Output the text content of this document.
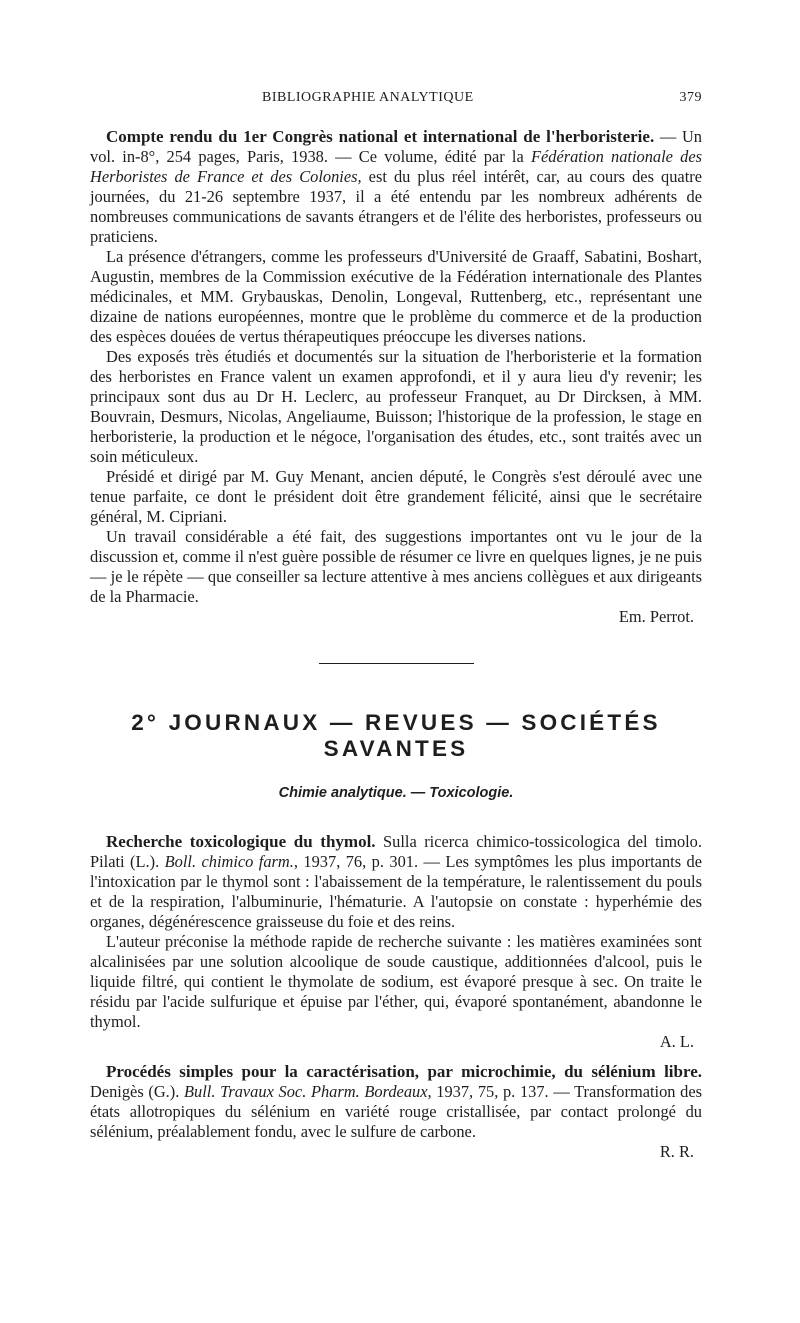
BIBLIOGRAPHIE ANALYTIQUE	379

Compte rendu du 1er Congrès national et international de l'herboristerie. — Un vol. in-8°, 254 pages, Paris, 1938. — Ce volume, édité par la Fédération nationale des Herboristes de France et des Colonies, est du plus réel intérêt, car, au cours des quatre journées, du 21-26 septembre 1937, il a été entendu par les nombreux adhérents de nombreuses communications de savants étrangers et de l'élite des herboristes, professeurs ou praticiens.

La présence d'étrangers, comme les professeurs d'Université de Graaff, Sabatini, Boshart, Augustin, membres de la Commission exécutive de la Fédération internationale des Plantes médicinales, et MM. Grybauskas, Denolin, Longeval, Ruttenberg, etc., représentant une dizaine de nations européennes, montre que le problème du commerce et de la production des espèces douées de vertus thérapeutiques préoccupe les diverses nations.

Des exposés très étudiés et documentés sur la situation de l'herboristerie et la formation des herboristes en France valent un examen approfondi, et il y aura lieu d'y revenir; les principaux sont dus au Dr H. Leclerc, au professeur Franquet, au Dr Dircksen, à MM. Bouvrain, Desmurs, Nicolas, Angeliaume, Buisson; l'historique de la profession, le stage en herboristerie, la production et le négoce, l'organisation des études, etc., sont traités avec un soin méticuleux.

Présidé et dirigé par M. Guy Menant, ancien député, le Congrès s'est déroulé avec une tenue parfaite, ce dont le président doit être grandement félicité, ainsi que le secrétaire général, M. Cipriani.

Un travail considérable a été fait, des suggestions importantes ont vu le jour de la discussion et, comme il n'est guère possible de résumer ce livre en quelques lignes, je ne puis — je le répète — que conseiller sa lecture attentive à mes anciens collègues et aux dirigeants de la Pharmacie.

Em. Perrot.

2° JOURNAUX — REVUES — SOCIÉTÉS SAVANTES
Chimie analytique. — Toxicologie.

Recherche toxicologique du thymol. Sulla ricerca chimico-tossicologica del timolo. Pilati (L.). Boll. chimico farm., 1937, 76, p. 301. — Les symptômes les plus importants de l'intoxication par le thymol sont : l'abaissement de la température, le ralentissement du pouls et de la respiration, l'albuminurie, l'hématurie. A l'autopsie on constate : hyperhémie des organes, dégénérescence graisseuse du foie et des reins.

L'auteur préconise la méthode rapide de recherche suivante : les matières examinées sont alcalinisées par une solution alcoolique de soude caustique, additionnées d'alcool, puis le liquide filtré, qui contient le thymolate de sodium, est évaporé presque à sec. On traite le résidu par l'acide sulfurique et épuise par l'éther, qui, évaporé spontanément, abandonne le thymol.

A. L.

Procédés simples pour la caractérisation, par microchimie, du sélénium libre. Denigès (G.). Bull. Travaux Soc. Pharm. Bordeaux, 1937, 75, p. 137. — Transformation des états allotropiques du sélénium en variété rouge cristallisée, par contact prolongé du sélénium, préalablement fondu, avec le sulfure de carbone.

R. R.
